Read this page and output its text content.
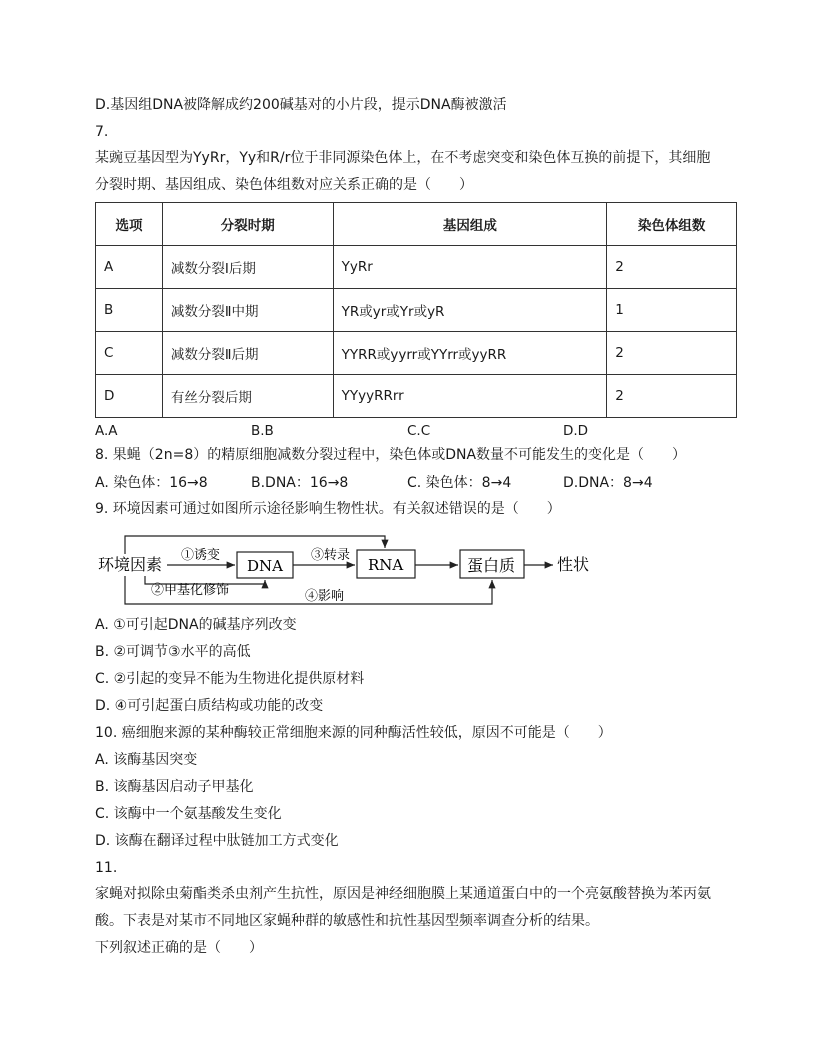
D.基因组DNA被降解成约200碱基对的小片段，提示DNA酶被激活
7.
某豌豆基因型为YyRr，Yy和R/r位于非同源染色体上，在不考虑突变和染色体互换的前提下，其细胞
分裂时期、基因组成、染色体组数对应关系正确的是（　　）
选项	分裂时期	基因组成	染色体组数
A	减数分裂Ⅰ后期	YyRr	2
B	减数分裂Ⅱ中期	YR或yr或Yr或yR	1
C	减数分裂Ⅱ后期	YYRR或yyrr或YYrr或yyRR	2
D	有丝分裂后期	YYyyRRrr	2
A.A	B.B	C.C	D.D
8. 果蝇（2n=8）的精原细胞减数分裂过程中，染色体或DNA数量不可能发生的变化是（　　）
A. 染色体：16→8	B.DNA：16→8	C. 染色体：8→4	D.DNA：8→4
9. 环境因素可通过如图所示途径影响生物性状。有关叙述错误的是（　　）
环境因素	DNA	RNA	蛋白质	性状
①诱变
②甲基化修饰
③转录
④影响
A. ①可引起DNA的碱基序列改变
B. ②可调节③水平的高低
C. ②引起的变异不能为生物进化提供原材料
D. ④可引起蛋白质结构或功能的改变
10. 癌细胞来源的某种酶较正常细胞来源的同种酶活性较低，原因不可能是（　　）
A. 该酶基因突变
B. 该酶基因启动子甲基化
C. 该酶中一个氨基酸发生变化
D. 该酶在翻译过程中肽链加工方式变化
11.
家蝇对拟除虫菊酯类杀虫剂产生抗性，原因是神经细胞膜上某通道蛋白中的一个亮氨酸替换为苯丙氨
酸。下表是对某市不同地区家蝇种群的敏感性和抗性基因型频率调查分析的结果。
下列叙述正确的是（　　）
